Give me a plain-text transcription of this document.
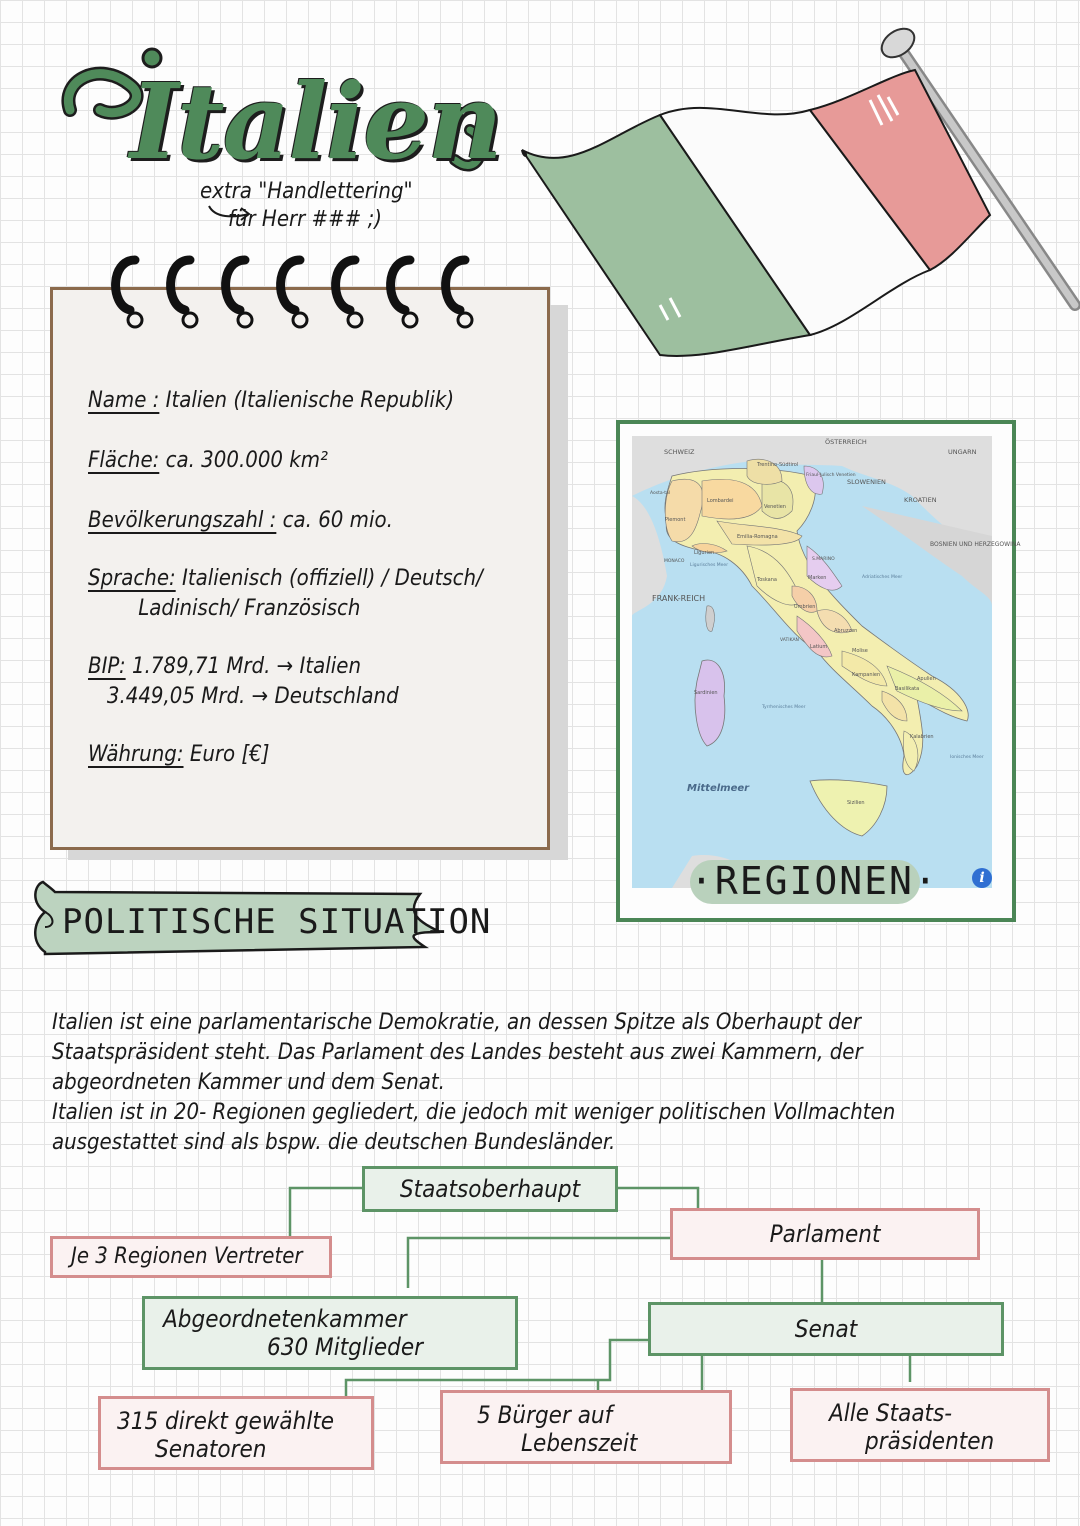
Italien
extra "Handlettering"
für Herr ### ;)
Name : Italien (Italienische Republik)
Fläche: ca. 300.000 km²
Bevölkerungszahl : ca. 60 mio.
Sprache: Italienisch (offiziell) / Deutsch/
Ladinisch/ Französisch
BIP: 1.789,71 Mrd. → Italien
3.449,05 Mrd. → Deutschland
Währung: Euro [€]
SCHWEIZ
ÖSTERREICH
UNGARN
SLOWENIEN
KROATIEN
BOSNIEN UND HERZEGOWINA
FRANK-REICH
Mittelmeer
Trentino-Südtirol
Lombardei
Venetien
Piemont
Emilia-Romagna
Ligurien
Toskana	Marken
Umbrien
Abruzzen
Latium
Molise
Kampanien
Apulien
Basilikata
Kalabrien
Sardinien
Sizilien
Aosta-tal
Friaul-Julisch Venetien
Adriatisches Meer
Tyrrhenisches Meer
Ionisches Meer
Ligurisches Meer
MONACO	S.MARINO
VATIKAN
·REGIONEN·	i
POLITISCHE SITUATION
Italien ist eine parlamentarische Demokratie, an dessen Spitze als Oberhaupt der
Staatspräsident steht. Das Parlament des Landes besteht aus zwei Kammern, der
abgeordneten Kammer und dem Senat.
Italien ist in 20- Regionen gegliedert, die jedoch mit weniger politischen Vollmachten
ausgestattet sind als bspw. die deutschen Bundesländer.
Staatsoberhaupt
Parlament
Je 3 Regionen Vertreter
Abgeordnetenkammer
630 Mitglieder
Senat
315 direkt gewählte
Senatoren
5 Bürger auf
Lebenszeit
Alle Staats-
präsidenten
